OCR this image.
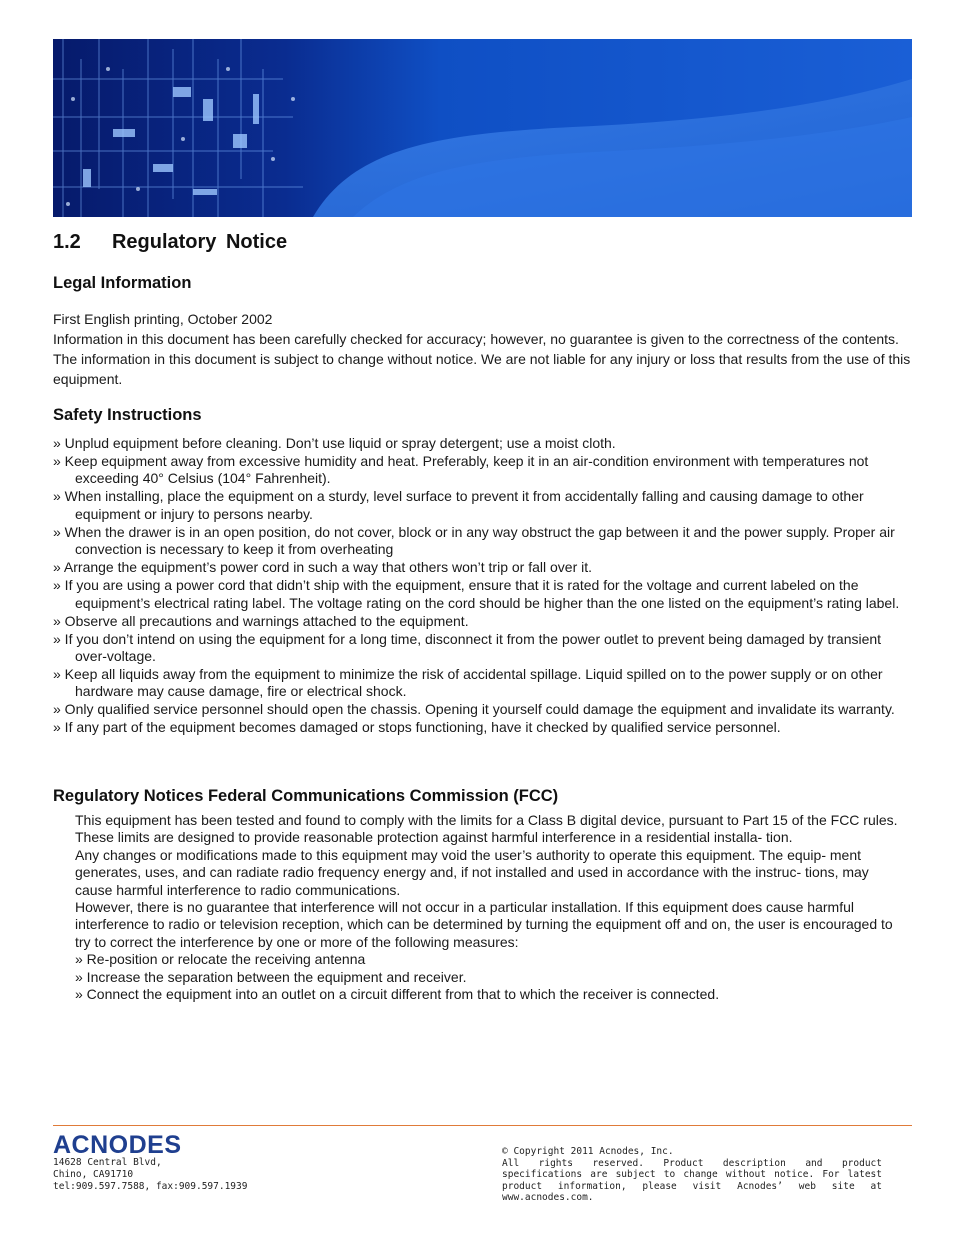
1.2 Regulatory Notice
Legal Information
First English printing, October 2002
Information in this document has been carefully checked for accuracy; however, no guarantee is given to the correctness of the contents. The information in this document is subject to change without notice. We are not liable for any injury or loss that results from the use of this equipment.
Safety Instructions
» Unplud equipment before cleaning. Don’t use liquid or spray detergent; use a moist cloth.
» Keep equipment away from excessive humidity and heat. Preferably, keep it in an air-condition environment with temperatures not exceeding 40° Celsius (104° Fahrenheit).
» When installing, place the equipment on a sturdy, level surface to prevent it from accidentally falling and causing damage to other equipment or injury to persons nearby.
» When the drawer is in an open position, do not cover, block or in any way obstruct the gap between it and the power supply. Proper air convection is necessary to keep it from overheating
» Arrange the equipment’s power cord in such a way that others won’t trip or fall over it.
» If you are using a power cord that didn’t ship with the equipment, ensure that it is rated for the voltage and current labeled on the equipment’s electrical rating label. The voltage rating on the cord should be higher than the one listed on the equipment’s rating label.
» Observe all precautions and warnings attached to the equipment.
» If you don’t intend on using the equipment for a long time, disconnect it from the power outlet to prevent being damaged by transient over-voltage.
» Keep all liquids away from the equipment to minimize the risk of accidental spillage. Liquid spilled on to the power supply or on other hardware may cause damage, fire or electrical shock.
» Only qualified service personnel should open the chassis. Opening it yourself could damage the equipment and invalidate its warranty.
» If any part of the equipment becomes damaged or stops functioning, have it checked by qualified service personnel.
Regulatory Notices Federal Communications Commission (FCC)

This equipment has been tested and found to comply with the limits for a Class B digital device, pursuant to Part 15 of the FCC rules. These limits are designed to provide reasonable protection against harmful interference in a residential installa- tion.

Any changes or modifications made to this equipment may void the user’s authority to operate this equipment. The equip- ment generates, uses, and can radiate radio frequency energy and, if not installed and used in accordance with the instruc- tions, may cause harmful interference to radio communications.

However, there is no guarantee that interference will not occur in a particular installation. If this equipment does cause harmful interference to radio or television reception, which can be determined by turning the equipment off and on, the user is encouraged to try to correct the interference by one or more of the following measures:

» Re-position or relocate the receiving antenna

» Increase the separation between the equipment and receiver.

» Connect the equipment into an outlet on a circuit different from that to which the receiver is connected.

ACNODES
14628 Central Blvd,
Chino, CA91710
tel:909.597.7588, fax:909.597.1939
© Copyright 2011 Acnodes, Inc.
All rights reserved. Product description and product specifications are subject to change without notice. For latest product information, please visit Acnodes’ web site at www.acnodes.com.
